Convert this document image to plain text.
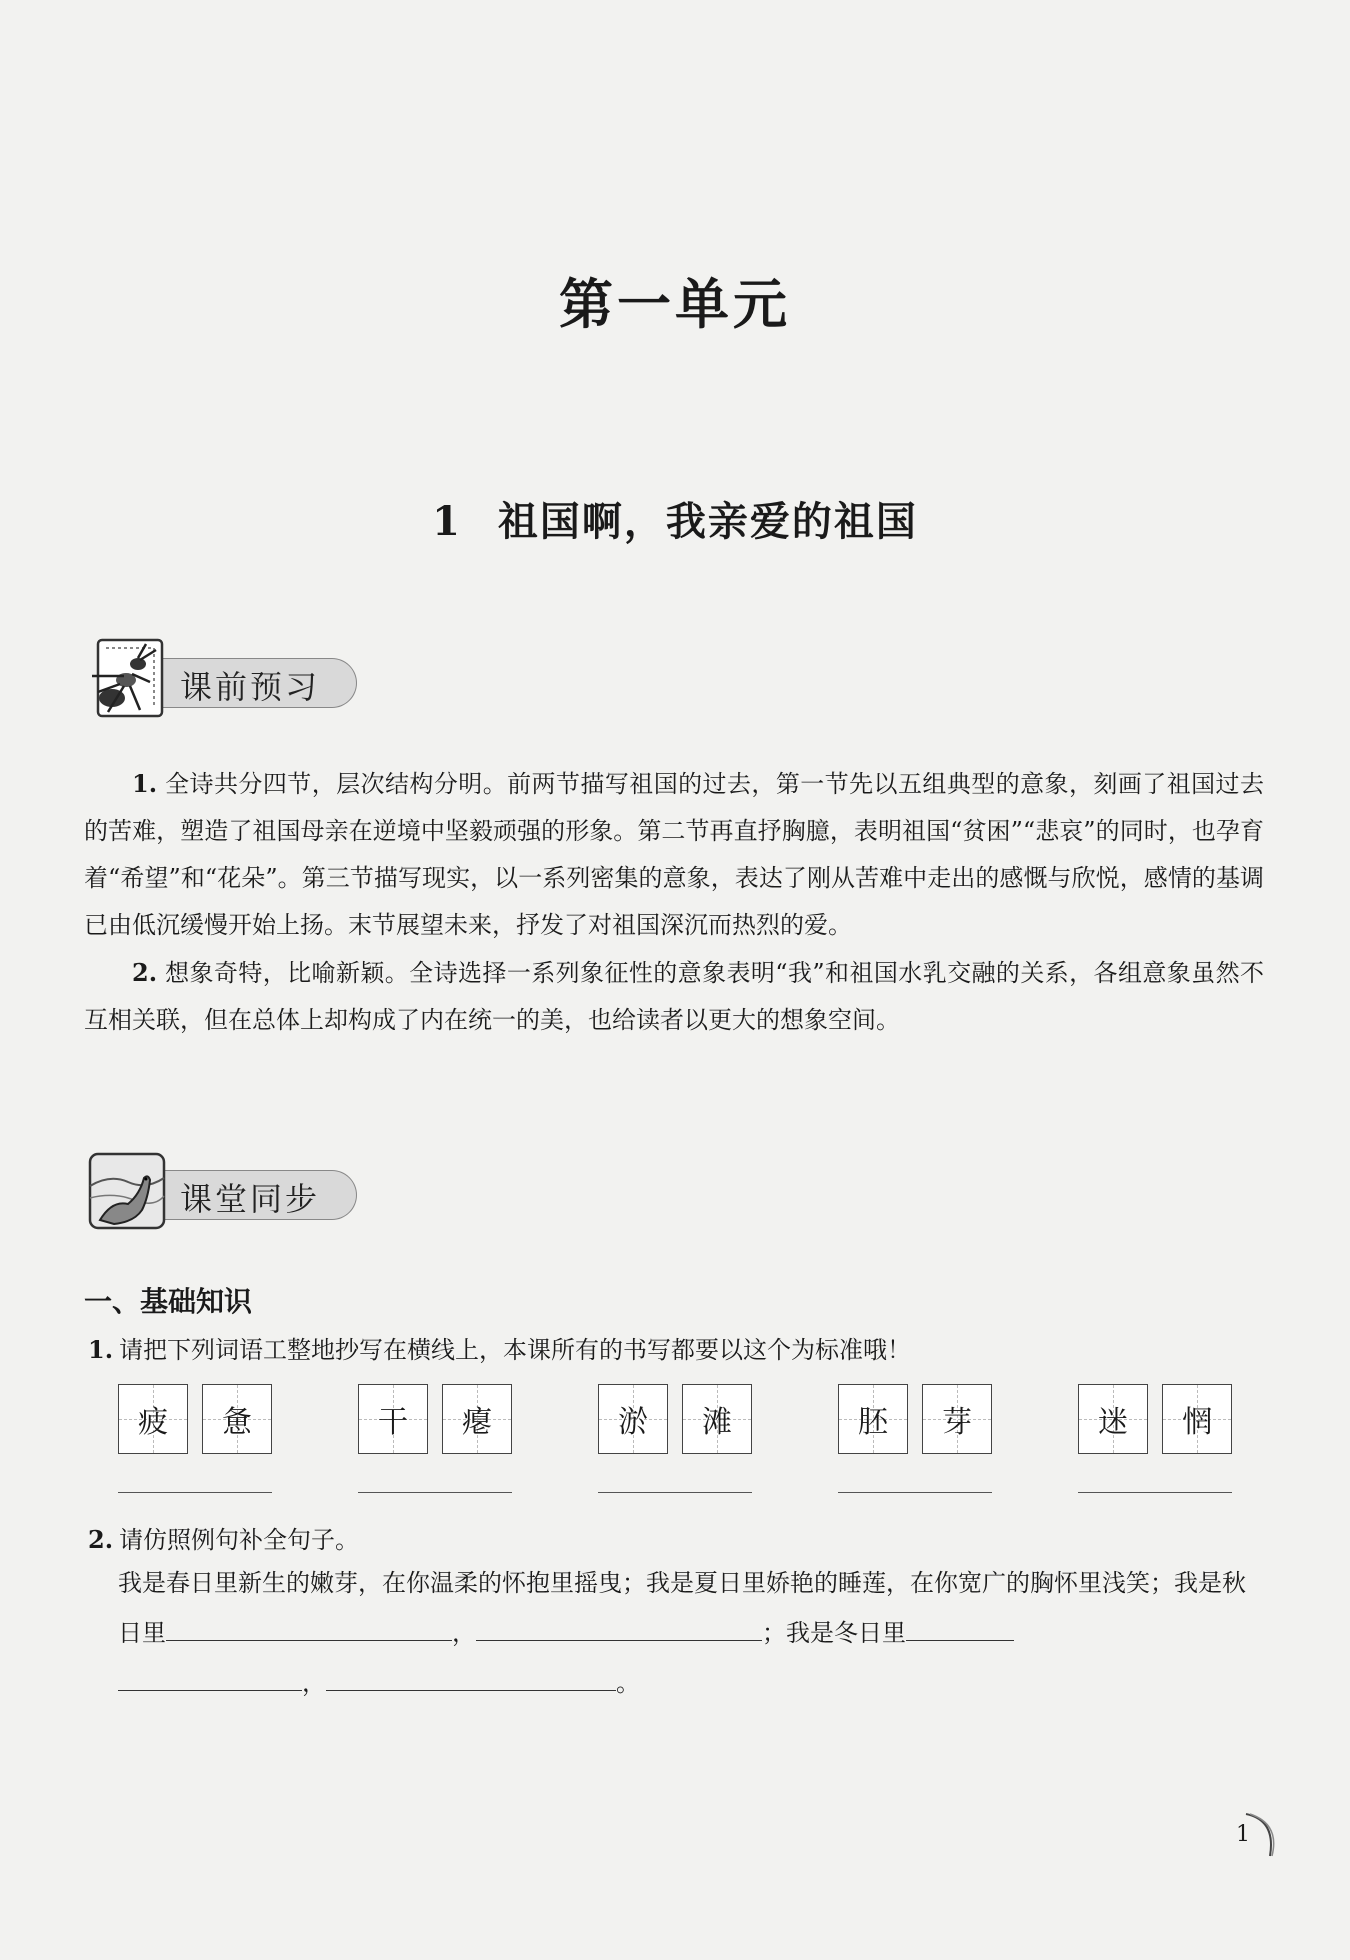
第一单元
1 祖国啊，我亲爱的祖国
课前预习

1. 全诗共分四节，层次结构分明。前两节描写祖国的过去，第一节先以五组典型的意象，刻画了祖国过去的苦难，塑造了祖国母亲在逆境中坚毅顽强的形象。第二节再直抒胸臆，表明祖国“贫困”“悲哀”的同时，也孕育着“希望”和“花朵”。第三节描写现实，以一系列密集的意象，表达了刚从苦难中走出的感慨与欣悦，感情的基调已由低沉缓慢开始上扬。末节展望未来，抒发了对祖国深沉而热烈的爱。

2. 想象奇特，比喻新颖。全诗选择一系列象征性的意象表明“我”和祖国水乳交融的关系，各组意象虽然不互相关联，但在总体上却构成了内在统一的美，也给读者以更大的想象空间。

课堂同步
一、基础知识
1. 请把下列词语工整地抄写在横线上，本课所有的书写都要以这个为标准哦！
疲 惫	干 瘪	淤 滩	胚 芽	迷 惘
2. 请仿照例句补全句子。
我是春日里新生的嫩芽，在你温柔的怀抱里摇曳；我是夏日里娇艳的睡莲，在你宽广的胸怀里浅笑；我是秋日里	，	；我是冬日里
，	。
1
